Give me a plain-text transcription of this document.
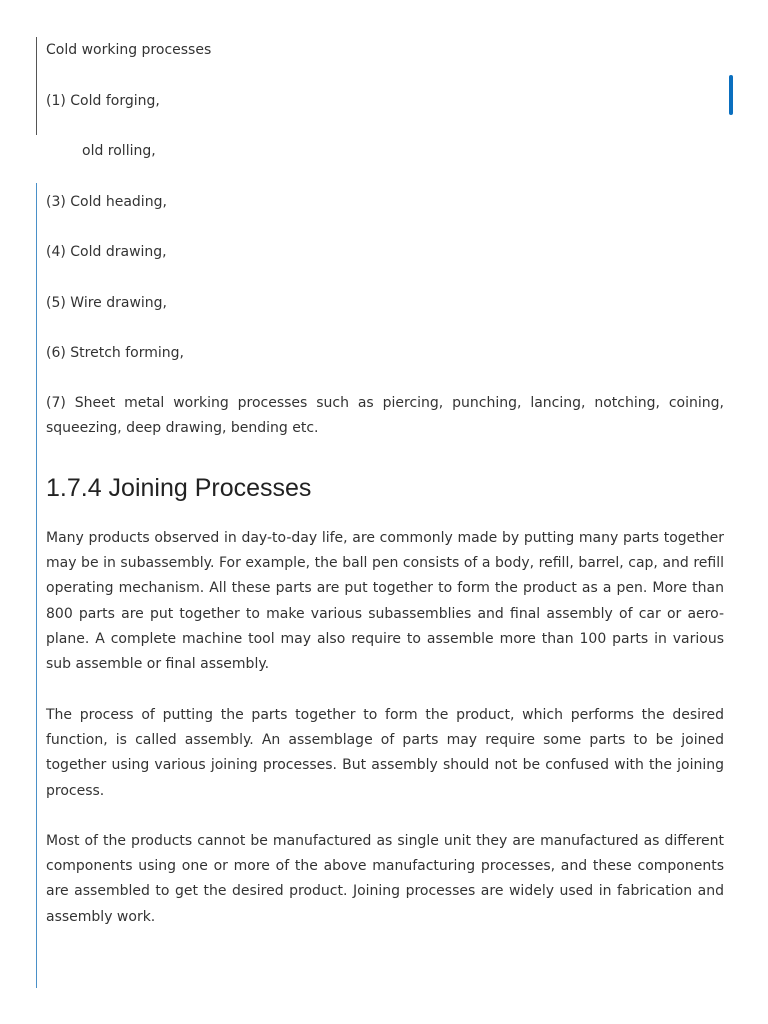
Cold working processes
(1) Cold forging,
old rolling,
(3) Cold heading,
(4) Cold drawing,
(5) Wire drawing,
(6) Stretch forming,

(7) Sheet metal working processes such as piercing, punching, lancing, notching, coining, squeezing, deep drawing, bending etc.

1.7.4 Joining Processes

Many products observed in day-to-day life, are commonly made by putting many parts together may be in subassembly. For example, the ball pen consists of a body, refill, barrel, cap, and refill operating mechanism. All these parts are put together to form the product as a pen. More than 800 parts are put together to make various subassemblies and final assembly of car or aero-plane. A complete machine tool may also require to assemble more than 100 parts in various sub assemble or final assembly.

The process of putting the parts together to form the product, which performs the desired function, is called assembly. An assemblage of parts may require some parts to be joined together using various joining processes. But assembly should not be confused with the joining process.

Most of the products cannot be manufactured as single unit they are manufactured as different components using one or more of the above manufacturing processes, and these components are assembled to get the desired product. Joining processes are widely used in fabrication and assembly work.
